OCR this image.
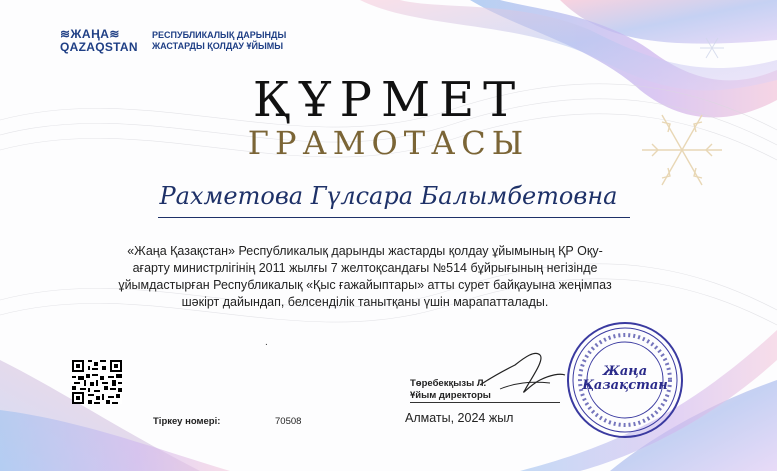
≋ЖАҢА≋
QAZAQSTAN
РЕСПУБЛИКАЛЫҚ ДАРЫНДЫ
ЖАСТАРДЫ ҚОЛДАУ ҰЙЫМЫ
ҚҰРМЕТ
ГРАМОТАСЫ
Рахметова Гүлсара Балымбетовна
«Жаңа Қазақстан» Республикалық дарынды жастарды қолдау ұйымының ҚР Оқу-ағарту министрлігінің 2011 жылғы 7 желтоқсандағы №514 бұйрығының негізінде ұйымдастырған Республикалық «Қыс ғажайыптары» атты сурет байқауына жеңімпаз шәкірт дайындап, белсенділік танытқаны үшін марапатталады.
.
Тіркеу номері:	70508
Төребекқызы Л.
Ұйым директоры
Алматы, 2024 жыл
Жаңа
Қазақстан
